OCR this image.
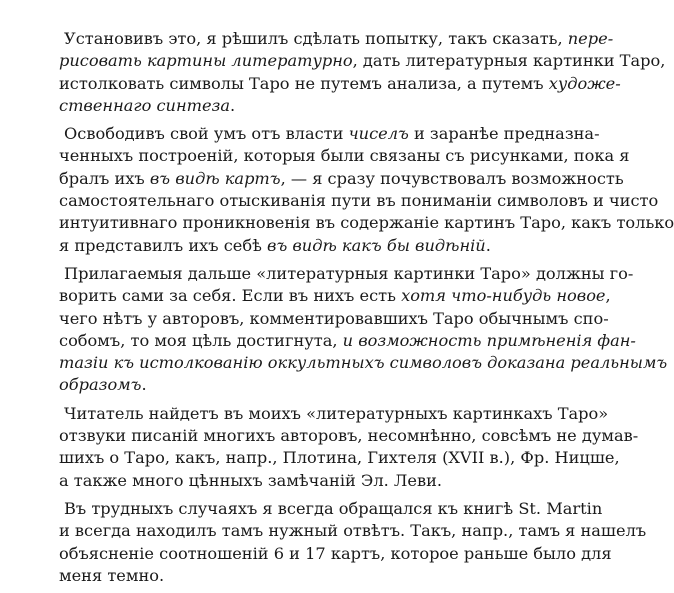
Установивъ это, я рѣшилъ сдѣлать попытку, такъ сказать, пере-
рисовать картины литературно, дать литературныя картинки Таро,
истолковать символы Таро не путемъ анализа, а путемъ художе-
ственнаго синтеза.
Освободивъ свой умъ отъ власти чиселъ и заранѣе предназна-
ченныхъ построеній, которыя были связаны съ рисунками, пока я
бралъ ихъ въ видѣ картъ, — я сразу почувствовалъ возможность
самостоятельнаго отыскиванія пути въ пониманіи символовъ и чисто
интуитивнаго проникновенія въ содержаніе картинъ Таро, какъ только
я представилъ ихъ себѣ въ видѣ какъ бы видѣній.
Прилагаемыя дальше «литературныя картинки Таро» должны го-
ворить сами за себя. Если въ нихъ есть хотя что-нибудь новое,
чего нѣтъ у авторовъ, комментировавшихъ Таро обычнымъ спо-
собомъ, то моя цѣль достигнута, и возможность примѣненія фан-
тазіи къ истолкованію оккультныхъ символовъ доказана реальнымъ
образомъ.
Читатель найдетъ въ моихъ «литературныхъ картинкахъ Таро»
отзвуки писаній многихъ авторовъ, несомнѣнно, совсѣмъ не думав-
шихъ о Таро, какъ, напр., Плотина, Гихтеля (XVII в.), Фр. Ницше,
а также много цѣнныхъ замѣчаній Эл. Леви.
Въ трудныхъ случаяхъ я всегда обращался къ книгѣ St. Martin
и всегда находилъ тамъ нужный отвѣтъ. Такъ, напр., тамъ я нашелъ
объясненіе соотношеній 6 и 17 картъ, которое раньше было для
меня темно.
